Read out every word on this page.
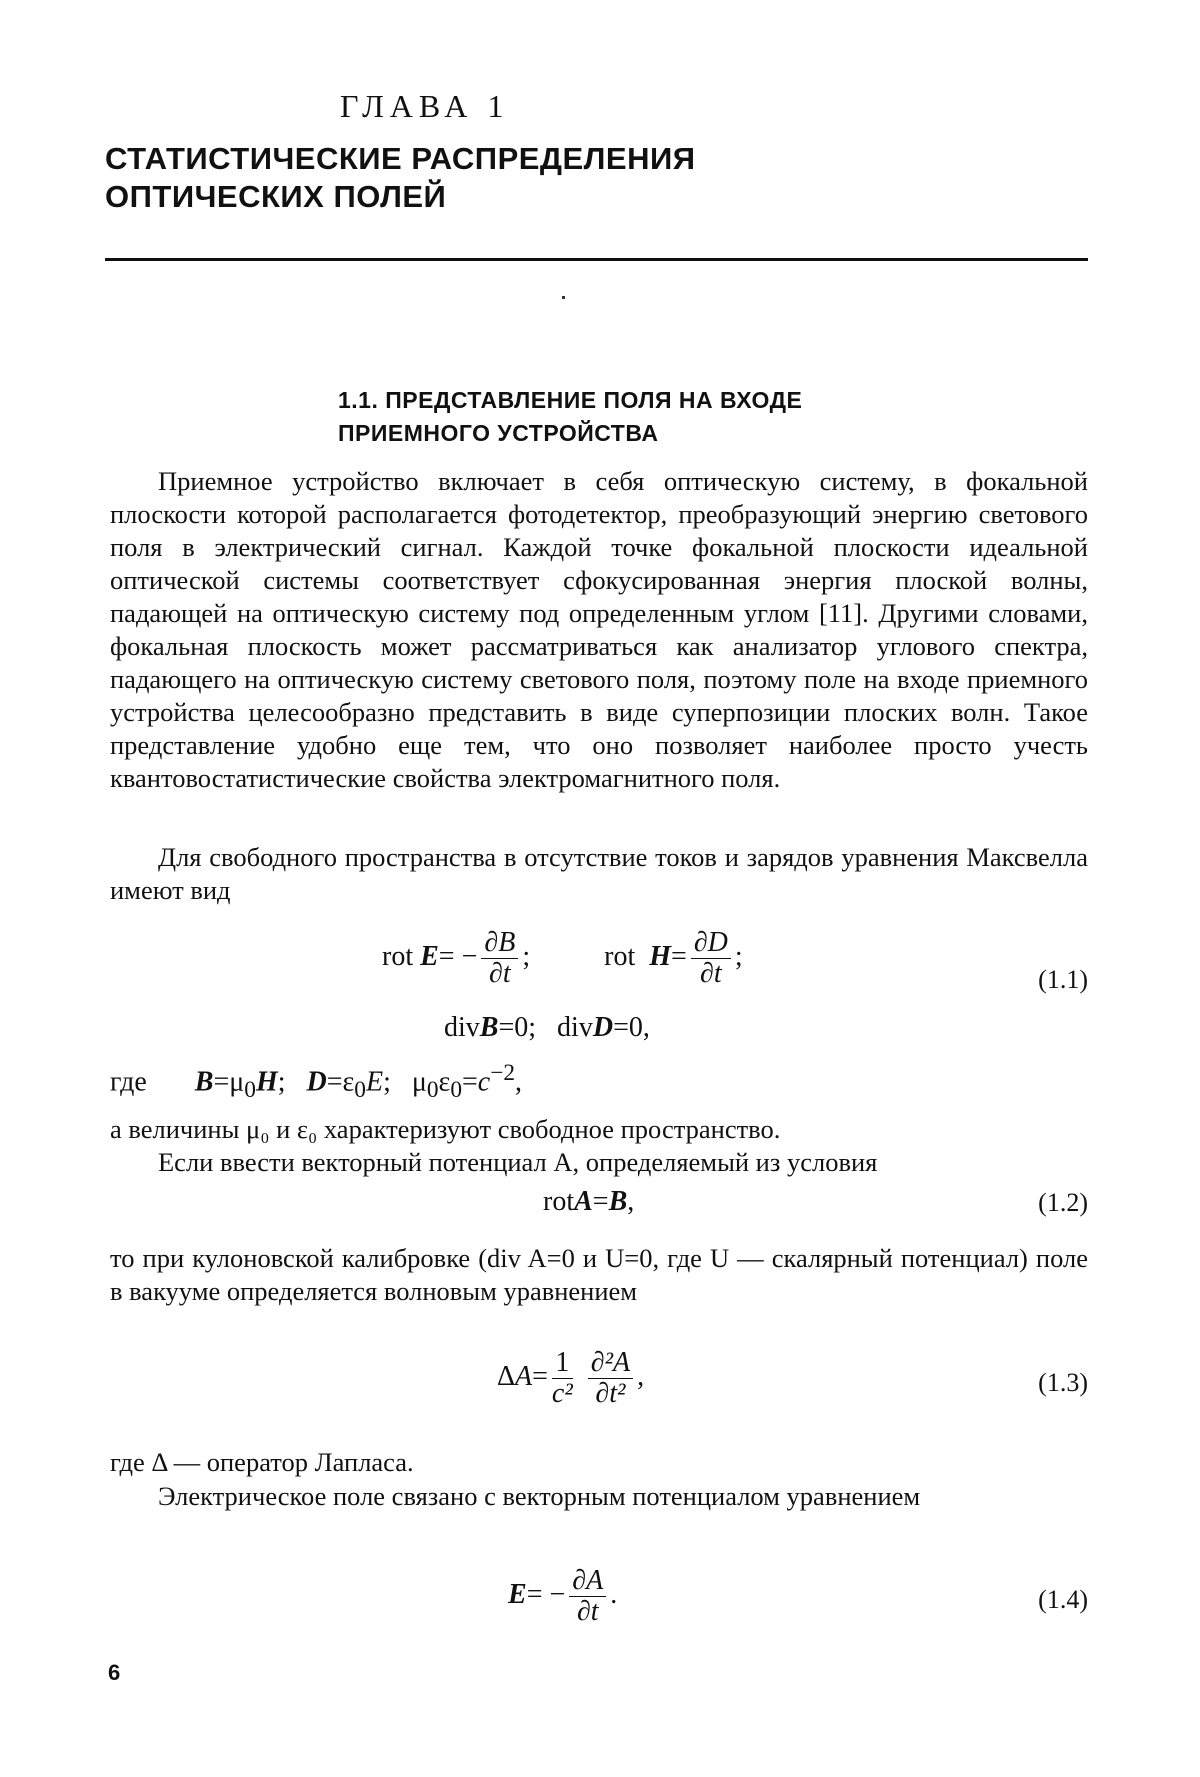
ГЛАВА 1
СТАТИСТИЧЕСКИЕ РАСПРЕДЕЛЕНИЯ
ОПТИЧЕСКИХ ПОЛЕЙ
1.1. ПРЕДСТАВЛЕНИЕ ПОЛЯ НА ВХОДЕ
ПРИЕМНОГО УСТРОЙСТВА
Приемное устройство включает в себя оптическую систему, в фокальной плоскости которой располагается фотодетектор, преобразующий энергию светового поля в электрический сигнал. Каждой точке фокальной плоскости идеальной оптической системы соответствует сфокусированная энергия плоской волны, падающей на оптическую систему под определенным углом [11]. Другими словами, фокальная плоскость может рассматриваться как анализатор углового спектра, падающего на оптическую систему светового поля, поэтому поле на входе приемного устройства целесообразно представить в виде суперпозиции плоских волн. Такое представление удобно еще тем, что оно позволяет наиболее просто учесть квантовостатистические свойства электромагнитного поля.
Для свободного пространства в отсутствие токов и зарядов уравнения Максвелла имеют вид
rot $E= - \frac{\partial B}{\partial t}$ ;  rot  $H= \frac{\partial D}{\partial t}$ ;
(1.1)
divB=0;   divD=0,
где $B=\mu_0H$;   $D=\varepsilon_0E$;   $\mu_0\varepsilon_0=c^{-2}$,
а величины μ₀ и ε₀ характеризуют свободное пространство.
Если ввести векторный потенциал A, определяемый из условия
rotA=B,	(1.2)
то при кулоновской калибровке (div A=0 и U=0, где U — скалярный потенциал) поле в вакууме определяется волновым уравнением
$\Delta A= \frac{1}{\text{c²}}$
$\frac{\text{∂²A}}{\text{∂t²}}$ ,	(1.3)
где Δ — оператор Лапласа.
Электрическое поле связано с векторным потенциалом уравнением
$E= - \frac{\partial A}{\partial t}$ .	(1.4)
6
